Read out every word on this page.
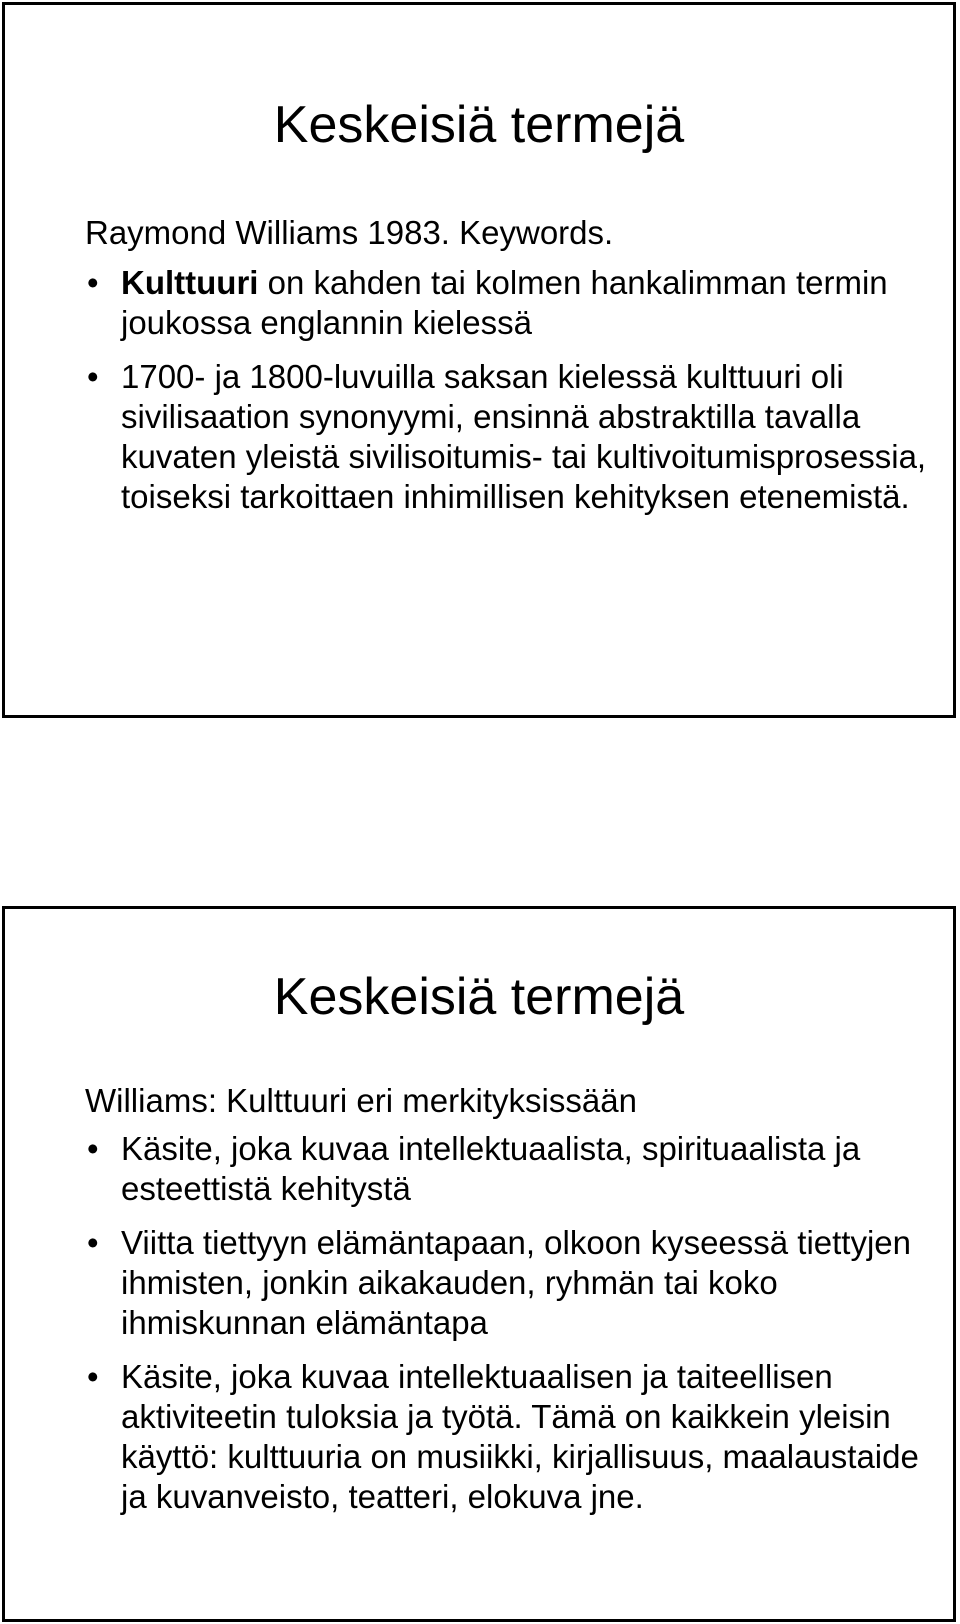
Keskeisiä termejä
Raymond Williams 1983. Keywords.
• Kulttuuri on kahden tai kolmen hankalimman termin joukossa englannin kielessä
• 1700- ja 1800-luvuilla saksan kielessä kulttuuri oli sivilisaation synonyymi, ensinnä abstraktilla tavalla kuvaten yleistä sivilisoitumis- tai kultivoitumisprosessia, toiseksi tarkoittaen inhimillisen kehityksen etenemistä.
Keskeisiä termejä
Williams: Kulttuuri eri merkityksissään
• Käsite, joka kuvaa intellektuaalista, spirituaalista ja esteettistä kehitystä
• Viitta tiettyyn elämäntapaan, olkoon kyseessä tiettyjen ihmisten, jonkin aikakauden, ryhmän tai koko ihmiskunnan elämäntapa
• Käsite, joka kuvaa intellektuaalisen ja taiteellisen aktiviteetin tuloksia ja työtä. Tämä on kaikkein yleisin käyttö: kulttuuria on musiikki, kirjallisuus, maalaustaide ja kuvanveisto, teatteri, elokuva jne.
